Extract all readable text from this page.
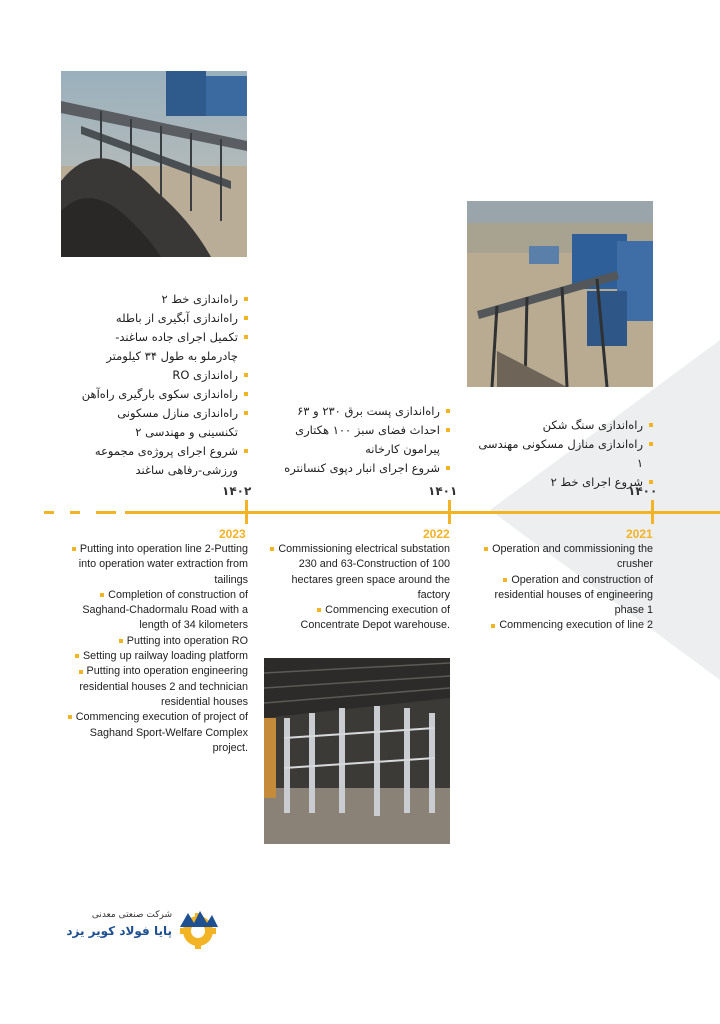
راه‌اندازی خط ۲
راه‌اندازی آبگیری از باطله
تکمیل اجرای جاده ساغند-چادرملو به طول ۳۴ کیلومتر
راه‌اندازی RO
راه‌اندازی سکوی بارگیری راه‌آهن
راه‌اندازی منازل مسکونی تکنسینی و مهندسی ۲
شروع اجرای پروژه‌ی مجموعه ورزشی-رفاهی ساغند
۱۴۰۲
راه‌اندازی پست برق ۲۳۰ و ۶۳
احداث فضای سبز ۱۰۰ هکتاری پیرامون کارخانه
شروع اجرای انبار دپوی کنسانتره
۱۴۰۱
راه‌اندازی سنگ شکن
راه‌اندازی منازل مسکونی مهندسی ۱
شروع اجرای خط ۲
۱۴۰۰
2023	2022	2021
Putting into operation line 2-Putting into operation water extraction from tailings
Completion of construction of Saghand-Chadormalu Road with a length of 34 kilometers
Putting into operation RO
Setting up railway loading platform
Putting into operation engineering residential houses 2 and technician residential houses
Commencing execution of project of Saghand Sport-Welfare Complex project.
Commissioning electrical substation 230 and 63-Construction of 100 hectares green space around the factory
Commencing execution of Concentrate Depot warehouse.
Operation and commissioning the crusher
Operation and construction of residential houses of engineering phase 1
Commencing execution of line 2
شرکت صنعتی معدنی
پایا فولاد کویر یزد
